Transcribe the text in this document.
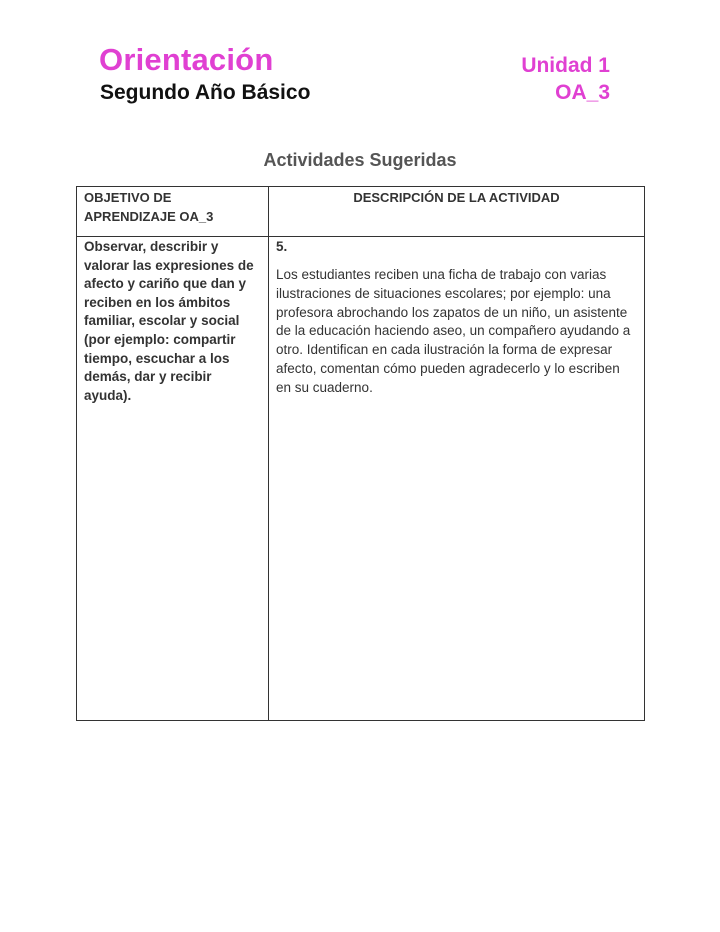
Orientación
Segundo Año Básico
Unidad 1
OA_3
Actividades Sugeridas
OBJETIVO DE APRENDIZAJE OA_3	DESCRIPCIÓN DE LA ACTIVIDAD
Observar, describir y valorar las expresiones de afecto y cariño que dan y reciben en los ámbitos familiar, escolar y social (por ejemplo: compartir tiempo, escuchar a los demás, dar y recibir ayuda).	5.
Los estudiantes reciben una ficha de trabajo con varias ilustraciones de situaciones escolares; por ejemplo: una profesora abrochando los zapatos de un niño, un asistente de la educación haciendo aseo, un compañero ayudando a otro. Identifican en cada ilustración la forma de expresar afecto, comentan cómo pueden agradecerlo y lo escriben en su cuaderno.
